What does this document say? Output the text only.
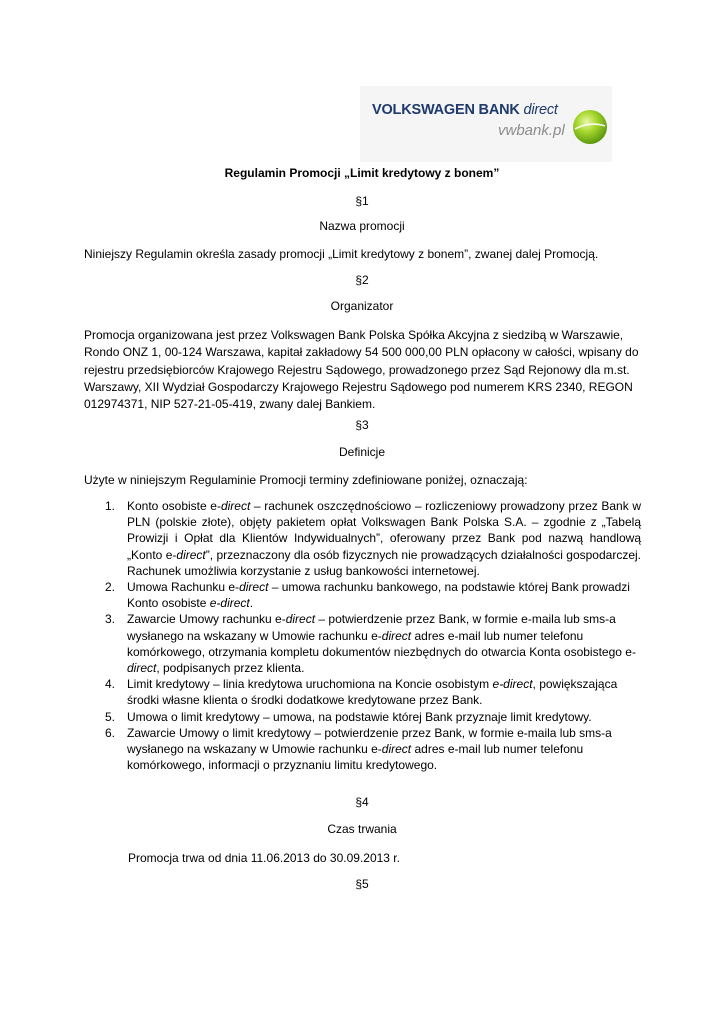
VOLKSWAGEN BANK direct
vwbank.pl
Regulamin Promocji „Limit kredytowy z bonem”
§1
Nazwa promocji
Niniejszy Regulamin określa zasady promocji „Limit kredytowy z bonem”, zwanej dalej Promocją.
§2
Organizator
Promocja organizowana jest przez Volkswagen Bank Polska Spółka Akcyjna z siedzibą w Warszawie, Rondo ONZ 1, 00-124 Warszawa, kapitał zakładowy 54 500 000,00 PLN opłacony w całości, wpisany do rejestru przedsiębiorców Krajowego Rejestru Sądowego, prowadzonego przez Sąd Rejonowy dla m.st. Warszawy, XII Wydział Gospodarczy Krajowego Rejestru Sądowego pod numerem KRS 2340, REGON 012974371, NIP 527-21-05-419, zwany dalej Bankiem.
§3
Definicje
Użyte w niniejszym Regulaminie Promocji terminy zdefiniowane poniżej, oznaczają:
1. Konto osobiste e-direct – rachunek oszczędnościowo – rozliczeniowy prowadzony przez Bank w PLN (polskie złote), objęty pakietem opłat Volkswagen Bank Polska S.A. – zgodnie z „Tabelą Prowizji i Opłat dla Klientów Indywidualnych”, oferowany przez Bank pod nazwą handlową „Konto e-direct”, przeznaczony dla osób fizycznych nie prowadzących działalności gospodarczej. Rachunek umożliwia korzystanie z usług bankowości internetowej.
2. Umowa Rachunku e-direct – umowa rachunku bankowego, na podstawie której Bank prowadzi Konto osobiste e-direct.
3. Zawarcie Umowy rachunku e-direct – potwierdzenie przez Bank, w formie e-maila lub sms-a wysłanego na wskazany w Umowie rachunku e-direct adres e-mail lub numer telefonu komórkowego, otrzymania kompletu dokumentów niezbędnych do otwarcia Konta osobistego e-direct, podpisanych przez klienta.
4. Limit kredytowy – linia kredytowa uruchomiona na Koncie osobistym e-direct, powiększająca środki własne klienta o środki dodatkowe kredytowane przez Bank.
5. Umowa o limit kredytowy – umowa, na podstawie której Bank przyznaje limit kredytowy.
6. Zawarcie Umowy o limit kredytowy – potwierdzenie przez Bank, w formie e-maila lub sms-a wysłanego na wskazany w Umowie rachunku e-direct adres e-mail lub numer telefonu komórkowego, informacji o przyznaniu limitu kredytowego.
§4
Czas trwania
Promocja trwa od dnia 11.06.2013 do 30.09.2013 r.
§5
